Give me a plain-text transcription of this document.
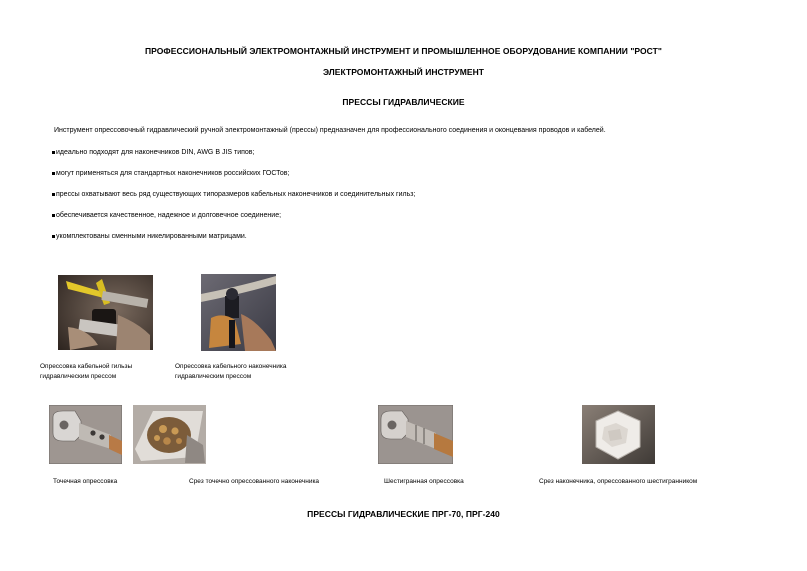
ПРОФЕССИОНАЛЬНЫЙ ЭЛЕКТРОМОНТАЖНЫЙ ИНСТРУМЕНТ И ПРОМЫШЛЕННОЕ ОБОРУДОВАНИЕ КОМПАНИИ "РОСТ"
ЭЛЕКТРОМОНТАЖНЫЙ ИНСТРУМЕНТ
ПРЕССЫ ГИДРАВЛИЧЕСКИЕ
Инструмент опрессовочный гидравлический ручной электромонтажный (прессы) предназначен для профессионального соединения и оконцевания проводов и кабелей.
идеально подходят для наконечников DIN, AWG В JIS типов;
могут применяться для стандартных наконечников российских ГОСТов;
прессы охватывают весь ряд существующих типоразмеров кабельных наконечников и соединительных гильз;
обеспечивается качественное, надежное и долговечное соединение;
укомплектованы сменными никелированными матрицами.
Опрессовка кабельной гильзы
гидравлическим прессом
Опрессовка кабельного наконечника
гидравлическим прессом
Точечная опрессовка	Срез точечно опрессованного наконечника	Шестигранная опрессовка	Срез наконечника, опрессованного шестигранником
ПРЕССЫ ГИДРАВЛИЧЕСКИЕ ПРГ-70, ПРГ-240
